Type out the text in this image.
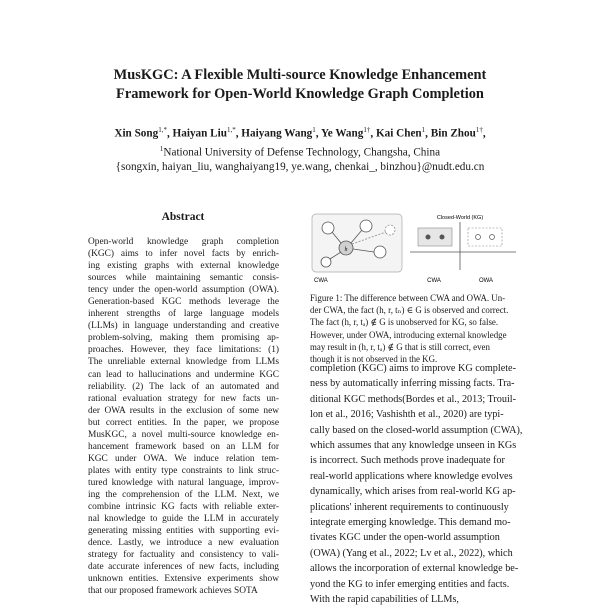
MusKGC: A Flexible Multi-source Knowledge Enhancement
Framework for Open-World Knowledge Graph Completion
Xin Song$^{1,*}$, Haiyan Liu$^{1,*}$, Haiyang Wang$^1$, Ye Wang$^{1\dagger}$, Kai Chen$^1$, Bin Zhou$^{1\dagger}$,
$^1$National University of Defense Technology, Changsha, China
{songxin, haiyan_liu, wanghaiyang19, ye.wang, chenkai_, binzhou}@nudt.edu.cn
Abstract
Open-world knowledge graph completion
(KGC) aims to infer novel facts by enrich-
ing existing graphs with external knowledge
sources while maintaining semantic consis-
tency under the open-world assumption (OWA).
Generation-based KGC methods leverage the
inherent strengths of large language models
(LLMs) in language understanding and creative
problem-solving, making them promising ap-
proaches. However, they face limitations: (1)
The unreliable external knowledge from LLMs
can lead to hallucinations and undermine KGC
reliability. (2) The lack of an automated and
rational evaluation strategy for new facts un-
der OWA results in the exclusion of some new
but correct entities. In the paper, we propose
MusKGC, a novel multi-source knowledge en-
hancement framework based on an LLM for
KGC under OWA. We induce relation tem-
plates with entity type constraints to link struc-
tured knowledge with natural language, improv-
ing the comprehension of the LLM. Next, we
combine intrinsic KG facts with reliable exter-
nal knowledge to guide the LLM in accurately
generating missing entities with supporting evi-
dence. Lastly, we introduce a new evaluation
strategy for factuality and consistency to vali-
date accurate inferences of new facts, including
unknown entities. Extensive experiments show
that our proposed framework achieves SOTA
h
CWA
Closed-World (KG)
CWA	OWA
Figure 1: The difference between CWA and OWA. Un-
der CWA, the fact (h, r, tₙ) ∈ G is observed and correct.
The fact (h, r, tₐ) ∉ G is unobserved for KG, so false.
However, under OWA, introducing external knowledge
may result in (h, r, tₐ) ∉ G that is still correct, even
though it is not observed in the KG.
completion (KGC) aims to improve KG complete-
ness by automatically inferring missing facts. Tra-
ditional KGC methods(Bordes et al., 2013; Trouil-
lon et al., 2016; Vashishth et al., 2020) are typi-
cally based on the closed-world assumption (CWA),
which assumes that any knowledge unseen in KGs
is incorrect. Such methods prove inadequate for
real-world applications where knowledge evolves
dynamically, which arises from real-world KG ap-
plications' inherent requirements to continuously
integrate emerging knowledge. This demand mo-
tivates KGC under the open-world assumption
(OWA) (Yang et al., 2022; Lv et al., 2022), which
allows the incorporation of external knowledge be-
yond the KG to infer emerging entities and facts.
With the rapid capabilities of LLMs,
